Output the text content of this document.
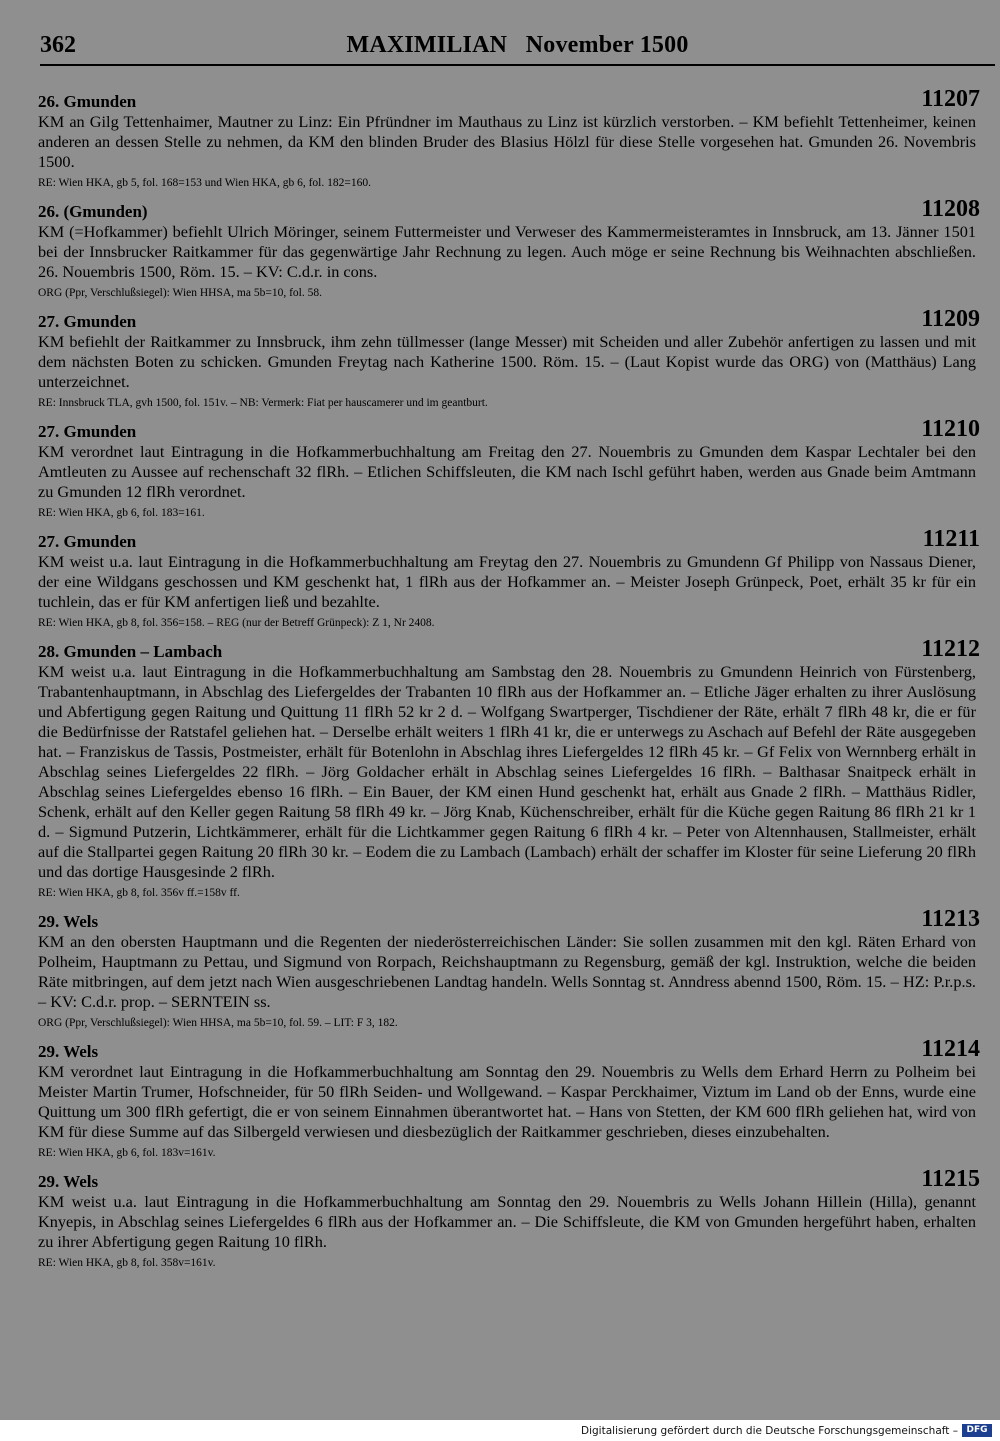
362	MAXIMILIAN   November 1500
26. Gmunden	11207
KM an Gilg Tettenhaimer, Mautner zu Linz: Ein Pfründner im Mauthaus zu Linz ist kürzlich verstorben. – KM befiehlt Tettenheimer, keinen anderen an dessen Stelle zu nehmen, da KM den blinden Bruder des Blasius Hölzl für diese Stelle vorgesehen hat. Gmunden 26. Novembris 1500.
RE: Wien HKA, gb 5, fol. 168=153 und Wien HKA, gb 6, fol. 182=160.
26. (Gmunden)	11208
KM (=Hofkammer) befiehlt Ulrich Möringer, seinem Futtermeister und Verweser des Kammermeisteramtes in Innsbruck, am 13. Jänner 1501 bei der Innsbrucker Raitkammer für das gegenwärtige Jahr Rechnung zu legen. Auch möge er seine Rechnung bis Weihnachten abschließen. 26. Nouembris 1500, Röm. 15. – KV: C.d.r. in cons.
ORG (Ppr, Verschlußsiegel): Wien HHSA, ma 5b=10, fol. 58.
27. Gmunden	11209
KM befiehlt der Raitkammer zu Innsbruck, ihm zehn tüllmesser (lange Messer) mit Scheiden und aller Zubehör anfertigen zu lassen und mit dem nächsten Boten zu schicken. Gmunden Freytag nach Katherine 1500. Röm. 15. – (Laut Kopist wurde das ORG) von (Matthäus) Lang unterzeichnet.
RE: Innsbruck TLA, gvh 1500, fol. 151v. – NB: Vermerk: Fiat per hauscamerer und im geantburt.
27. Gmunden	11210
KM verordnet laut Eintragung in die Hofkammerbuchhaltung am Freitag den 27. Nouembris zu Gmunden dem Kaspar Lechtaler bei den Amtleuten zu Aussee auf rechenschaft 32 flRh. – Etlichen Schiffsleuten, die KM nach Ischl geführt haben, werden aus Gnade beim Amtmann zu Gmunden 12 flRh verordnet.
RE: Wien HKA, gb 6, fol. 183=161.
27. Gmunden	11211
KM weist u.a. laut Eintragung in die Hofkammerbuchhaltung am Freytag den 27. Nouembris zu Gmundenn Gf Philipp von Nassaus Diener, der eine Wildgans geschossen und KM geschenkt hat, 1 flRh aus der Hofkammer an. – Meister Joseph Grünpeck, Poet, erhält 35 kr für ein tuchlein, das er für KM anfertigen ließ und bezahlte.
RE: Wien HKA, gb 8, fol. 356=158. – REG (nur der Betreff Grünpeck): Z 1, Nr 2408.
28. Gmunden – Lambach	11212
KM weist u.a. laut Eintragung in die Hofkammerbuchhaltung am Sambstag den 28. Nouembris zu Gmundenn Heinrich von Fürstenberg, Trabantenhauptmann, in Abschlag des Liefergeldes der Trabanten 10 flRh aus der Hofkammer an. – Etliche Jäger erhalten zu ihrer Auslösung und Abfertigung gegen Raitung und Quittung 11 flRh 52 kr 2 d. – Wolfgang Swartperger, Tischdiener der Räte, erhält 7 flRh 48 kr, die er für die Bedürfnisse der Ratstafel geliehen hat. – Derselbe erhält weiters 1 flRh 41 kr, die er unterwegs zu Aschach auf Befehl der Räte ausgegeben hat. – Franziskus de Tassis, Postmeister, erhält für Botenlohn in Abschlag ihres Liefergeldes 12 flRh 45 kr. – Gf Felix von Wernnberg erhält in Abschlag seines Liefergeldes 22 flRh. – Jörg Goldacher erhält in Abschlag seines Liefergeldes 16 flRh. – Balthasar Snaitpeck erhält in Abschlag seines Liefergeldes ebenso 16 flRh. – Ein Bauer, der KM einen Hund geschenkt hat, erhält aus Gnade 2 flRh. – Matthäus Ridler, Schenk, erhält auf den Keller gegen Raitung 58 flRh 49 kr. – Jörg Knab, Küchenschreiber, erhält für die Küche gegen Raitung 86 flRh 21 kr 1 d. – Sigmund Putzerin, Lichtkämmerer, erhält für die Lichtkammer gegen Raitung 6 flRh 4 kr. – Peter von Altennhausen, Stallmeister, erhält auf die Stallpartei gegen Raitung 20 flRh 30 kr. – Eodem die zu Lambach (Lambach) erhält der schaffer im Kloster für seine Lieferung 20 flRh und das dortige Hausgesinde 2 flRh.
RE: Wien HKA, gb 8, fol. 356v ff.=158v ff.
29. Wels	11213
KM an den obersten Hauptmann und die Regenten der niederösterreichischen Länder: Sie sollen zusammen mit den kgl. Räten Erhard von Polheim, Hauptmann zu Pettau, und Sigmund von Rorpach, Reichshauptmann zu Regensburg, gemäß der kgl. Instruktion, welche die beiden Räte mitbringen, auf dem jetzt nach Wien ausgeschriebenen Landtag handeln. Wells Sonntag st. Anndress abennd 1500, Röm. 15. – HZ: P.r.p.s. – KV: C.d.r. prop. – SERNTEIN ss.
ORG (Ppr, Verschlußsiegel): Wien HHSA, ma 5b=10, fol. 59. – LIT: F 3, 182.
29. Wels	11214
KM verordnet laut Eintragung in die Hofkammerbuchhaltung am Sonntag den 29. Nouembris zu Wells dem Erhard Herrn zu Polheim bei Meister Martin Trumer, Hofschneider, für 50 flRh Seiden- und Wollgewand. – Kaspar Perckhaimer, Viztum im Land ob der Enns, wurde eine Quittung um 300 flRh gefertigt, die er von seinem Einnahmen überantwortet hat. – Hans von Stetten, der KM 600 flRh geliehen hat, wird von KM für diese Summe auf das Silbergeld verwiesen und diesbezüglich der Raitkammer geschrieben, dieses einzubehalten.
RE: Wien HKA, gb 6, fol. 183v=161v.
29. Wels	11215
KM weist u.a. laut Eintragung in die Hofkammerbuchhaltung am Sonntag den 29. Nouembris zu Wells Johann Hillein (Hilla), genannt Knyepis, in Abschlag seines Liefergeldes 6 flRh aus der Hofkammer an. – Die Schiffsleute, die KM von Gmunden hergeführt haben, erhalten zu ihrer Abfertigung gegen Raitung 10 flRh.
RE: Wien HKA, gb 8, fol. 358v=161v.
Digitalisierung gefördert durch die Deutsche Forschungsgemeinschaft – DFG
